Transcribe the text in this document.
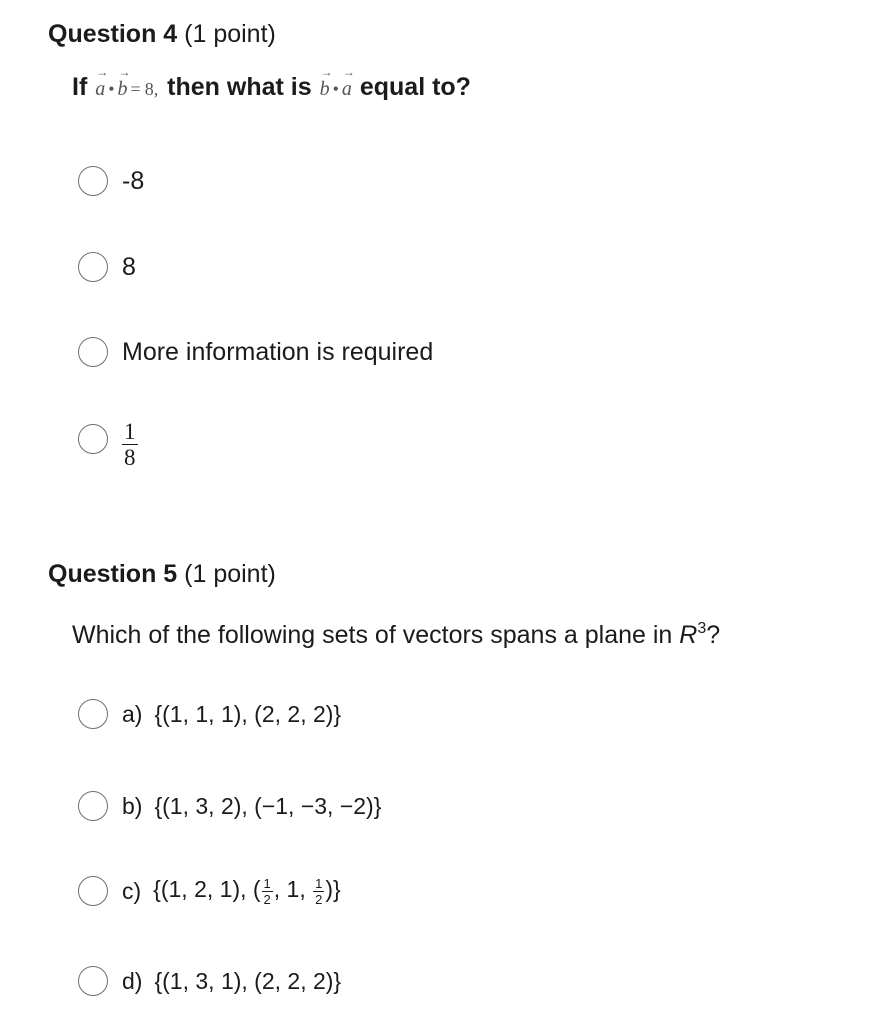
Question 4 (1 point)
If
→
a •
→
b = 8, then what is
→
b •
→
a equal to?
-8
8
More information is required
$\frac{1}{8}$
Question 5 (1 point)
Which of the following sets of vectors spans a plane in $R^3$?
a) {(1, 1, 1), (2, 2, 2)}
b) {(1, 3, 2), (−1, −3, −2)}
c) {(1, 2, 1), ( $\frac{1}{2}$ , 1, $\frac{1}{2}$ )}
d) {(1, 3, 1), (2, 2, 2)}
